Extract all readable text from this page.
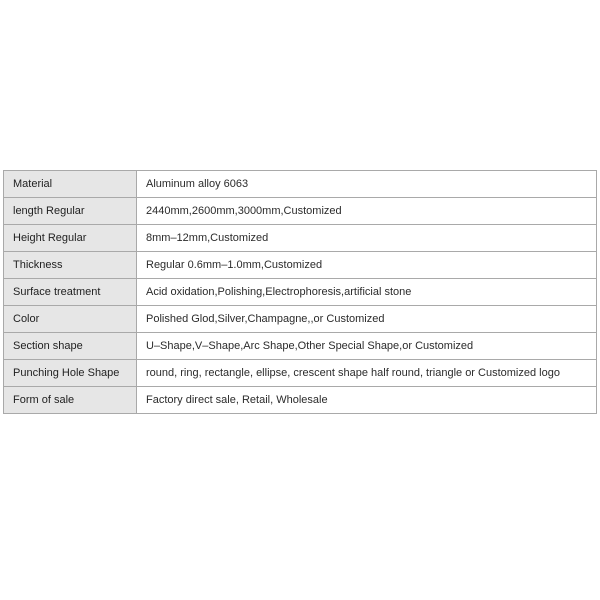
Material	Aluminum alloy 6063
length Regular	2440mm,2600mm,3000mm,Customized
Height Regular	8mm–12mm,Customized
Thickness	Regular 0.6mm–1.0mm,Customized
Surface treatment	Acid oxidation,Polishing,Electrophoresis,artificial stone
Color	Polished Glod,Silver,Champagne,,or Customized
Section shape	U–Shape,V–Shape,Arc Shape,Other Special Shape,or Customized
Punching Hole Shape	round, ring, rectangle, ellipse, crescent shape half round, triangle or Customized logo
Form of sale	Factory direct sale, Retail, Wholesale
